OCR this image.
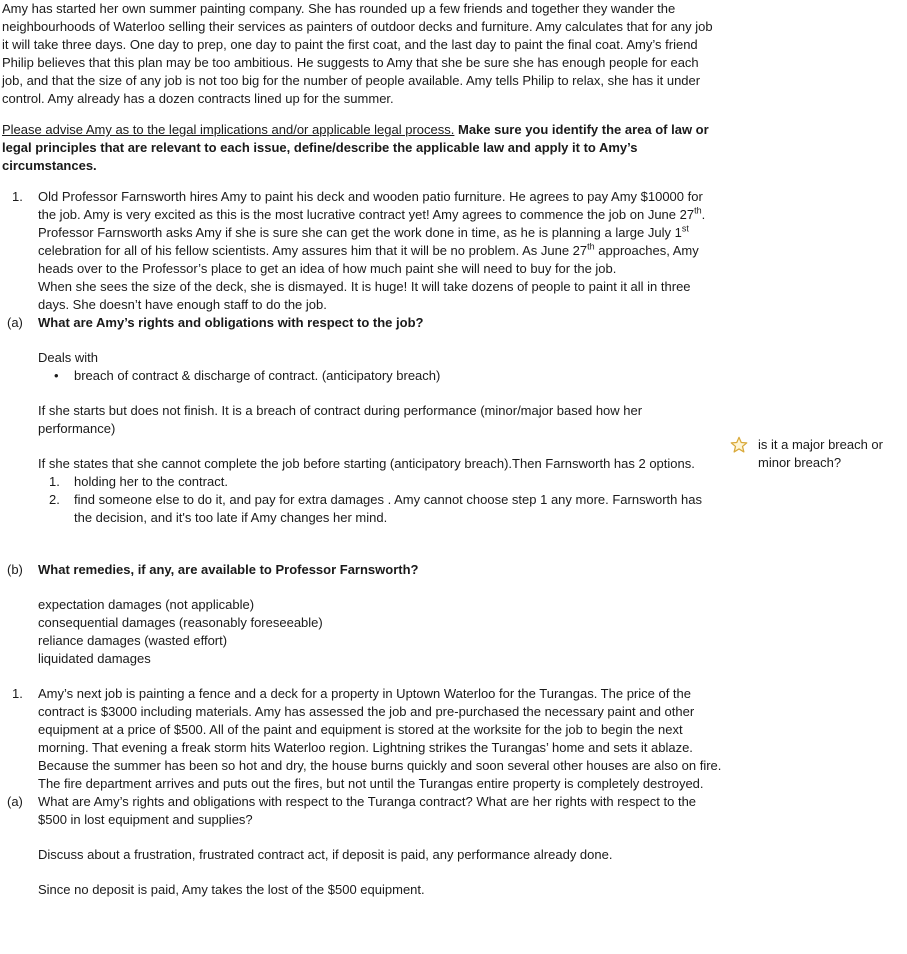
Amy has started her own summer painting company. She has rounded up a few friends and together they wander the neighbourhoods of Waterloo selling their services as painters of outdoor decks and furniture. Amy calculates that for any job it will take three days. One day to prep, one day to paint the first coat, and the last day to paint the final coat. Amy’s friend Philip believes that this plan may be too ambitious. He suggests to Amy that she be sure she has enough people for each job, and that the size of any job is not too big for the number of people available. Amy tells Philip to relax, she has it under control. Amy already has a dozen contracts lined up for the summer.

Please advise Amy as to the legal implications and/or applicable legal process. Make sure you identify the area of law or legal principles that are relevant to each issue, define/describe the applicable law and apply it to Amy’s circumstances.

1. Old Professor Farnsworth hires Amy to paint his deck and wooden patio furniture. He agrees to pay Amy $10000 for the job. Amy is very excited as this is the most lucrative contract yet! Amy agrees to commence the job on June 27th. Professor Farnsworth asks Amy if she is sure she can get the work done in time, as he is planning a large July 1st celebration for all of his fellow scientists. Amy assures him that it will be no problem. As June 27th approaches, Amy heads over to the Professor’s place to get an idea of how much paint she will need to buy for the job.

When she sees the size of the deck, she is dismayed. It is huge! It will take dozens of people to paint it all in three days. She doesn’t have enough staff to do the job.

(a) What are Amy’s rights and obligations with respect to the job?

Deals with

• breach of contract & discharge of contract. (anticipatory breach)

If she starts but does not finish. It is a breach of contract during performance (minor/major based how her performance)

If she states that she cannot complete the job before starting (anticipatory breach).Then Farnsworth has 2 options.

1. holding her to the contract.
2. find someone else to do it, and pay for extra damages . Amy cannot choose step 1 any more. Farnsworth has the decision, and it's too late if Amy changes her mind.
(b) What remedies, if any, are available to Professor Farnsworth?

expectation damages (not applicable)

consequential damages (reasonably foreseeable)

reliance damages (wasted effort)

liquidated damages

1. Amy’s next job is painting a fence and a deck for a property in Uptown Waterloo for the Turangas. The price of the contract is $3000 including materials. Amy has assessed the job and pre-purchased the necessary paint and other equipment at a price of $500. All of the paint and equipment is stored at the worksite for the job to begin the next morning. That evening a freak storm hits Waterloo region. Lightning strikes the Turangas’ home and sets it ablaze. Because the summer has been so hot and dry, the house burns quickly and soon several other houses are also on fire. The fire department arrives and puts out the fires, but not until the Turangas entire property is completely destroyed.

(a) What are Amy’s rights and obligations with respect to the Turanga contract? What are her rights with respect to the $500 in lost equipment and supplies?

Discuss about a frustration, frustrated contract act, if deposit is paid, any performance already done.

Since no deposit is paid, Amy takes the lost of the $500 equipment.

is it a major breach or minor breach?
